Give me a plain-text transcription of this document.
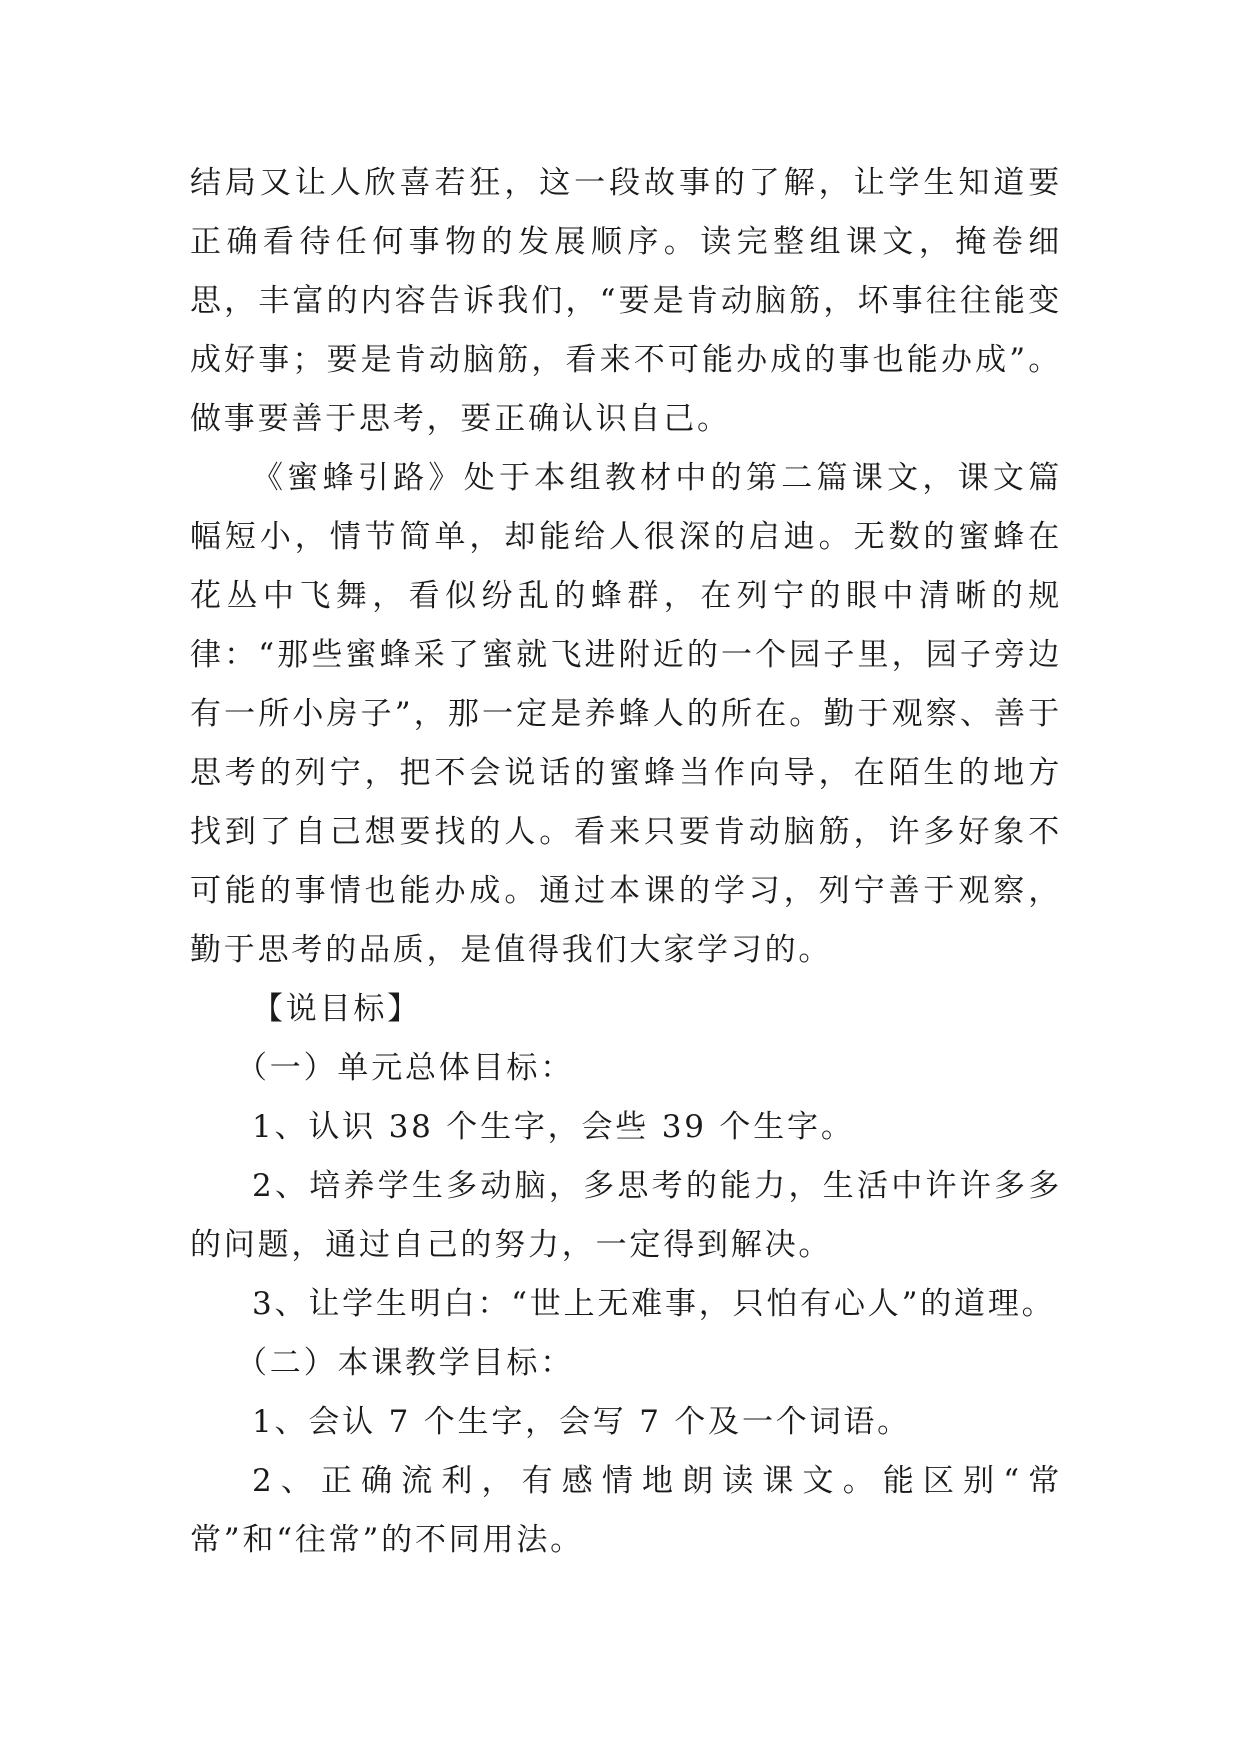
结局又让人欣喜若狂，这一段故事的了解，让学生知道要正确看待任何事物的发展顺序。读完整组课文，掩卷细思，丰富的内容告诉我们，“要是肯动脑筋，坏事往往能变成好事；要是肯动脑筋，看来不可能办成的事也能办成”。做事要善于思考，要正确认识自己。

《蜜蜂引路》处于本组教材中的第二篇课文，课文篇幅短小，情节简单，却能给人很深的启迪。无数的蜜蜂在花丛中飞舞，看似纷乱的蜂群，在列宁的眼中清晰的规律：“那些蜜蜂采了蜜就飞进附近的一个园子里，园子旁边有一所小房子”，那一定是养蜂人的所在。勤于观察、善于思考的列宁，把不会说话的蜜蜂当作向导，在陌生的地方找到了自己想要找的人。看来只要肯动脑筋，许多好象不可能的事情也能办成。通过本课的学习，列宁善于观察，勤于思考的品质，是值得我们大家学习的。

【说目标】

（一）单元总体目标：

1、认识 38 个生字，会些 39 个生字。

2、培养学生多动脑，多思考的能力，生活中许许多多的问题，通过自己的努力，一定得到解决。

3、让学生明白：“世上无难事，只怕有心人”的道理。

（二）本课教学目标：

1、会认 7 个生字，会写 7 个及一个词语。

2、正确流利，有感情地朗读课文。能区别“常常”和“往常”的不同用法。
